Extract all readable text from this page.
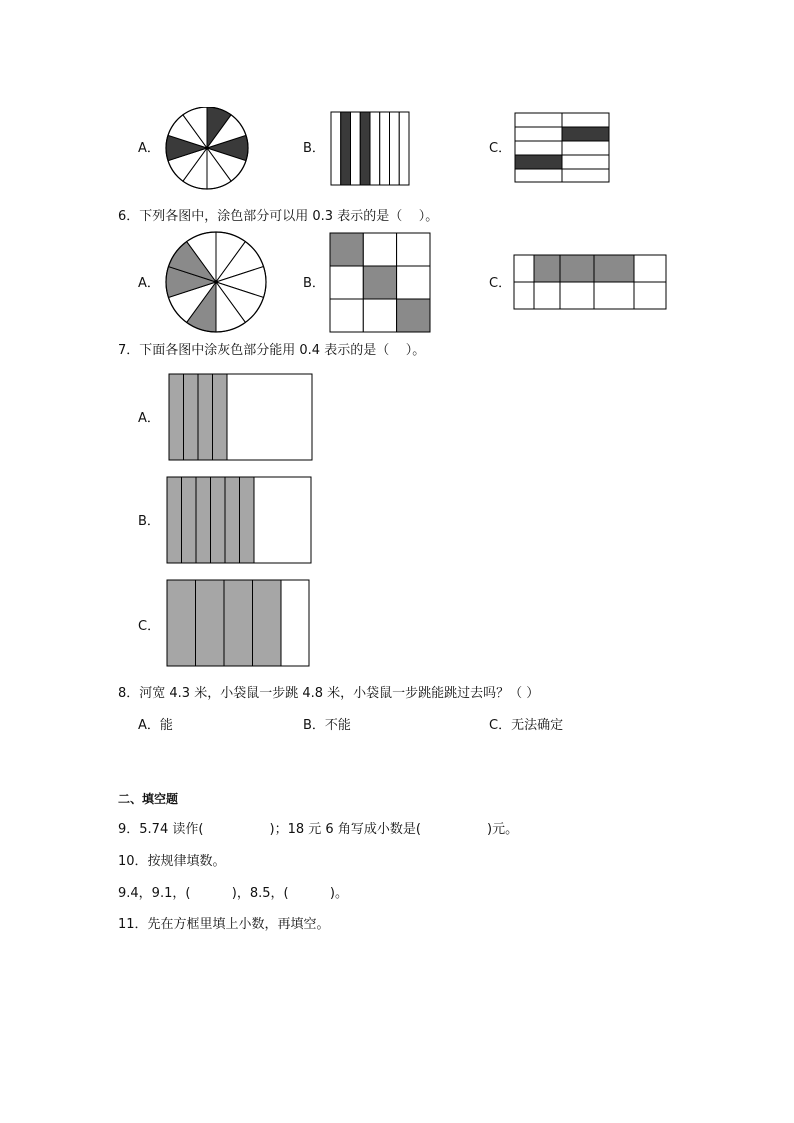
A．	B．	C．
6．下列各图中，涂色部分可以用 0.3 表示的是（    ）。
A．	B．	C．
7．下面各图中涂灰色部分能用 0.4 表示的是（    ）。
A．
B．
C．
8．河宽 4.3 米，小袋鼠一步跳 4.8 米，小袋鼠一步跳能跳过去吗？（ ）
A．能	B．不能	C．无法确定
二、填空题
9．5.74 读作(                )；18 元 6 角写成小数是(                )元。
10．按规律填数。
9.4，9.1，(          )，8.5，(          )。
11．先在方框里填上小数，再填空。
